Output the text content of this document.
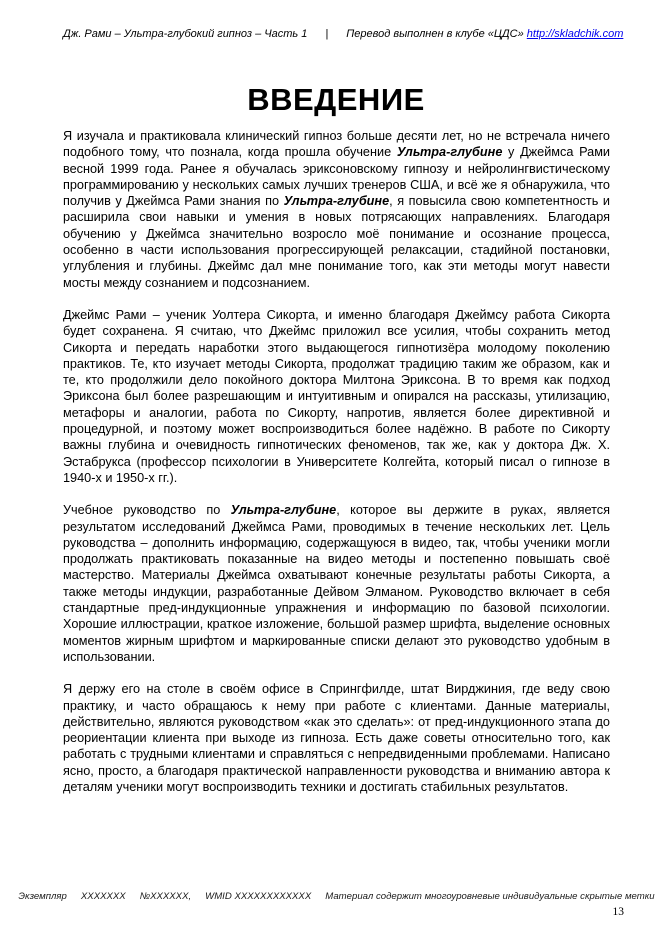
Дж. Рами – Ультра-глубокий гипноз – Часть 1 | Перевод выполнен в клубе «ЦДС» http://skladchik.com
ВВЕДЕНИЕ

Я изучала и практиковала клинический гипноз больше десяти лет, но не встречала ничего подобного тому, что познала, когда прошла обучение Ультра-глубине у Джеймса Рами весной 1999 года. Ранее я обучалась эриксоновскому гипнозу и нейролингвистическому программированию у нескольких самых лучших тренеров США, и всё же я обнаружила, что получив у Джеймса Рами знания по Ультра-глубине, я повысила свою компетентность и расширила свои навыки и умения в новых потрясающих направлениях. Благодаря обучению у Джеймса значительно возросло моё понимание и осознание процесса, особенно в части использования прогрессирующей релаксации, стадийной постановки, углубления и глубины. Джеймс дал мне понимание того, как эти методы могут навести мосты между сознанием и подсознанием.

Джеймс Рами – ученик Уолтера Сикорта, и именно благодаря Джеймсу работа Сикорта будет сохранена. Я считаю, что Джеймс приложил все усилия, чтобы сохранить метод Сикорта и передать наработки этого выдающегося гипнотизёра молодому поколению практиков. Те, кто изучает методы Сикорта, продолжат традицию таким же образом, как и те, кто продолжили дело покойного доктора Милтона Эриксона. В то время как подход Эриксона был более разрешающим и интуитивным и опирался на рассказы, утилизацию, метафоры и аналогии, работа по Сикорту, напротив, является более директивной и процедурной, и поэтому может воспроизводиться более надёжно. В работе по Сикорту важны глубина и очевидность гипнотических феноменов, так же, как у доктора Дж. Х. Эстабрукса (профессор психологии в Университете Колгейта, который писал о гипнозе в 1940-х и 1950-х гг.).

Учебное руководство по Ультра-глубине, которое вы держите в руках, является результатом исследований Джеймса Рами, проводимых в течение нескольких лет. Цель руководства – дополнить информацию, содержащуюся в видео, так, чтобы ученики могли продолжать практиковать показанные на видео методы и постепенно повышать своё мастерство. Материалы Джеймса охватывают конечные результаты работы Сикорта, а также методы индукции, разработанные Дейвом Элманом. Руководство включает в себя стандартные пред-индукционные упражнения и информацию по базовой психологии. Хорошие иллюстрации, краткое изложение, большой размер шрифта, выделение основных моментов жирным шрифтом и маркированные списки делают это руководство удобным в использовании.

Я держу его на столе в своём офисе в Спрингфилде, штат Вирджиния, где веду свою практику, и часто обращаюсь к нему при работе с клиентами. Данные материалы, действительно, являются руководством «как это сделать»: от пред-индукционного этапа до реориентации клиента при выходе из гипноза. Есть даже советы относительно того, как работать с трудными клиентами и справляться с непредвиденными проблемами. Написано ясно, просто, а благодаря практической направленности руководства и вниманию автора к деталям ученики могут воспроизводить техники и достигать стабильных результатов.

Экземпляр XXXXXXX №XXXXXX, WMID XXXXXXXXXXXX Материал содержит многоуровневые индивидуальные скрытые метки
13
